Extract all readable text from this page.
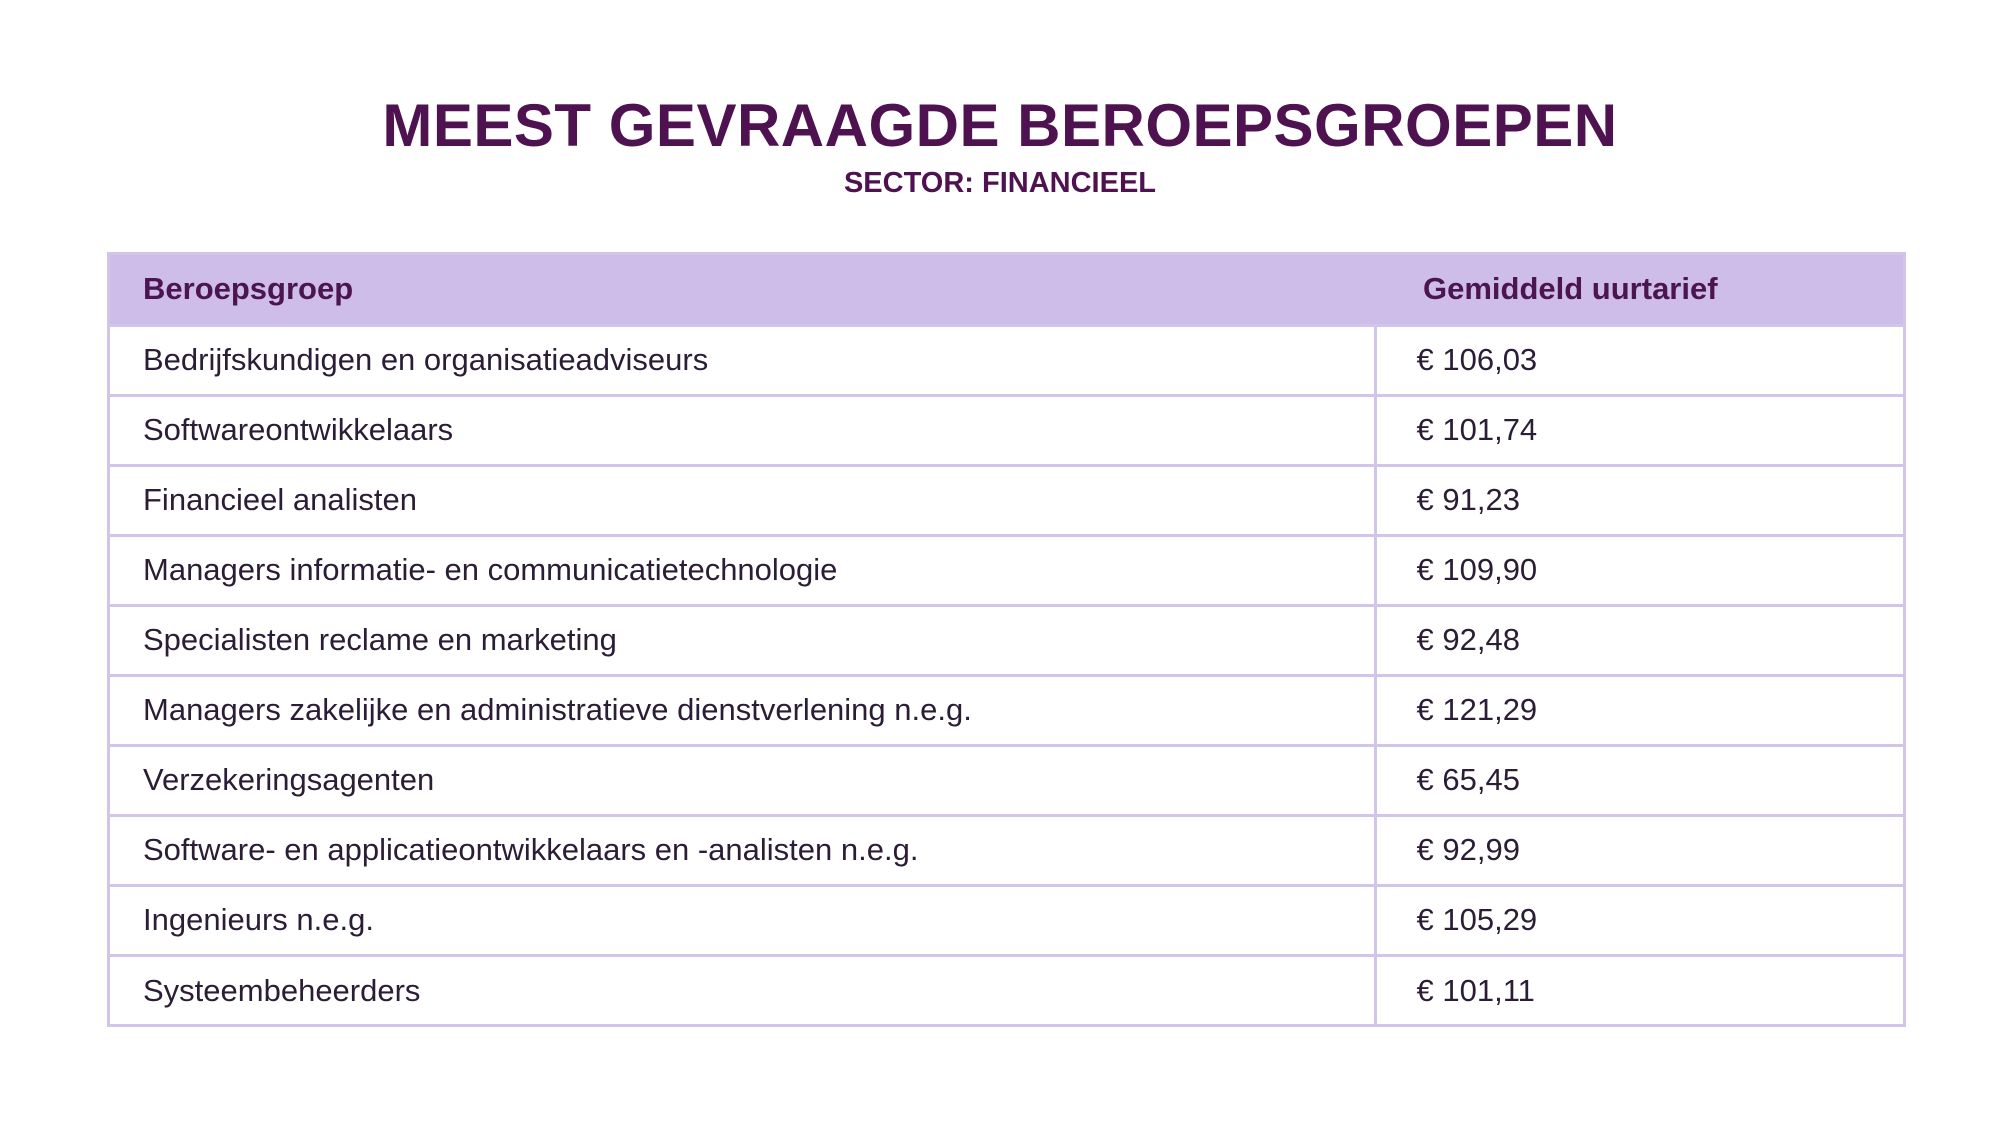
MEEST GEVRAAGDE BEROEPSGROEPEN
SECTOR: FINANCIEEL
Beroepsgroep	Gemiddeld uurtarief
Bedrijfskundigen en organisatieadviseurs	€ 106,03
Softwareontwikkelaars	€ 101,74
Financieel analisten	€ 91,23
Managers informatie- en communicatietechnologie	€ 109,90
Specialisten reclame en marketing	€ 92,48
Managers zakelijke en administratieve dienstverlening n.e.g.	€ 121,29
Verzekeringsagenten	€ 65,45
Software- en applicatieontwikkelaars en -analisten n.e.g.	€ 92,99
Ingenieurs n.e.g.	€ 105,29
Systeembeheerders	€ 101,11
